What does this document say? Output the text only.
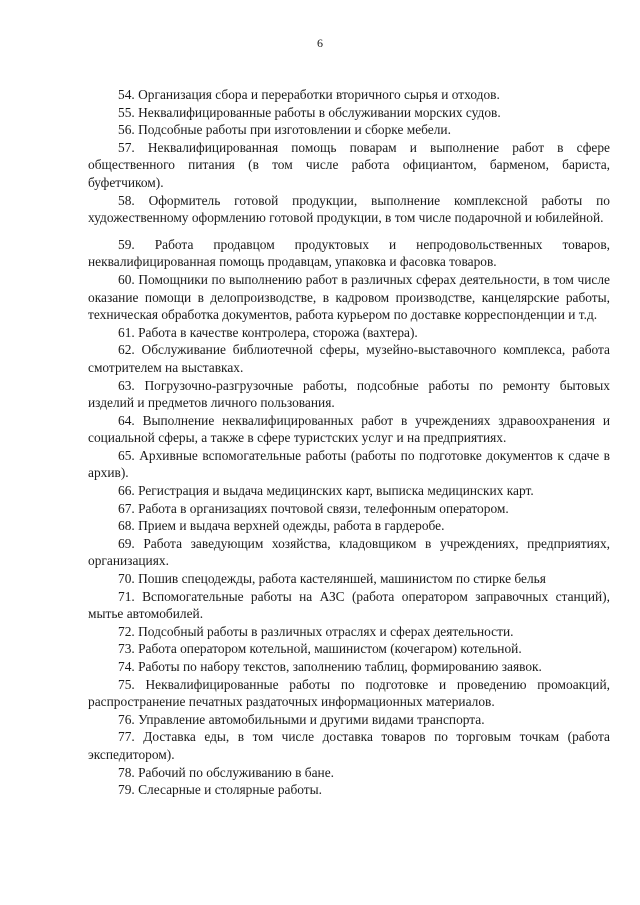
6

54. Организация сбора и переработки вторичного сырья и отходов.

55. Неквалифицированные работы в обслуживании морских судов.

56. Подсобные работы при изготовлении и сборке мебели.

57. Неквалифицированная помощь поварам и выполнение работ в сфере общественного питания (в том числе работа официантом, барменом, бариста, буфетчиком).

58. Оформитель готовой продукции, выполнение комплексной работы по художественному оформлению готовой продукции, в том числе подарочной и юбилейной.

59. Работа продавцом продуктовых и непродовольственных товаров, неквалифицированная помощь продавцам, упаковка и фасовка товаров.

60. Помощники по выполнению работ в различных сферах деятельности, в том числе оказание помощи в делопроизводстве, в кадровом производстве, канцелярские работы, техническая обработка документов, работа курьером по доставке корреспонденции и т.д.

61. Работа в качестве контролера, сторожа (вахтера).

62. Обслуживание библиотечной сферы, музейно-выставочного комплекса, работа смотрителем на выставках.

63. Погрузочно-разгрузочные работы, подсобные работы по ремонту бытовых изделий и предметов личного пользования.

64. Выполнение неквалифицированных работ в учреждениях здравоохранения и социальной сферы, а также в сфере туристских услуг и на предприятиях.

65. Архивные вспомогательные работы (работы по подготовке документов к сдаче в архив).

66. Регистрация и выдача медицинских карт, выписка медицинских карт.

67. Работа в организациях почтовой связи, телефонным оператором.

68. Прием и выдача верхней одежды, работа в гардеробе.

69. Работа заведующим хозяйства, кладовщиком в учреждениях, предприятиях, организациях.

70. Пошив спецодежды, работа кастеляншей, машинистом по стирке белья

71. Вспомогательные работы на АЗС (работа оператором заправочных станций), мытье автомобилей.

72. Подсобный работы в различных отраслях и сферах деятельности.

73. Работа оператором котельной, машинистом (кочегаром) котельной.

74. Работы по набору текстов, заполнению таблиц, формированию заявок.

75. Неквалифицированные работы по подготовке и проведению промоакций, распространение печатных раздаточных информационных материалов.

76. Управление автомобильными и другими видами транспорта.

77. Доставка еды, в том числе доставка товаров по торговым точкам (работа экспедитором).

78. Рабочий по обслуживанию в бане.

79. Слесарные и столярные работы.
